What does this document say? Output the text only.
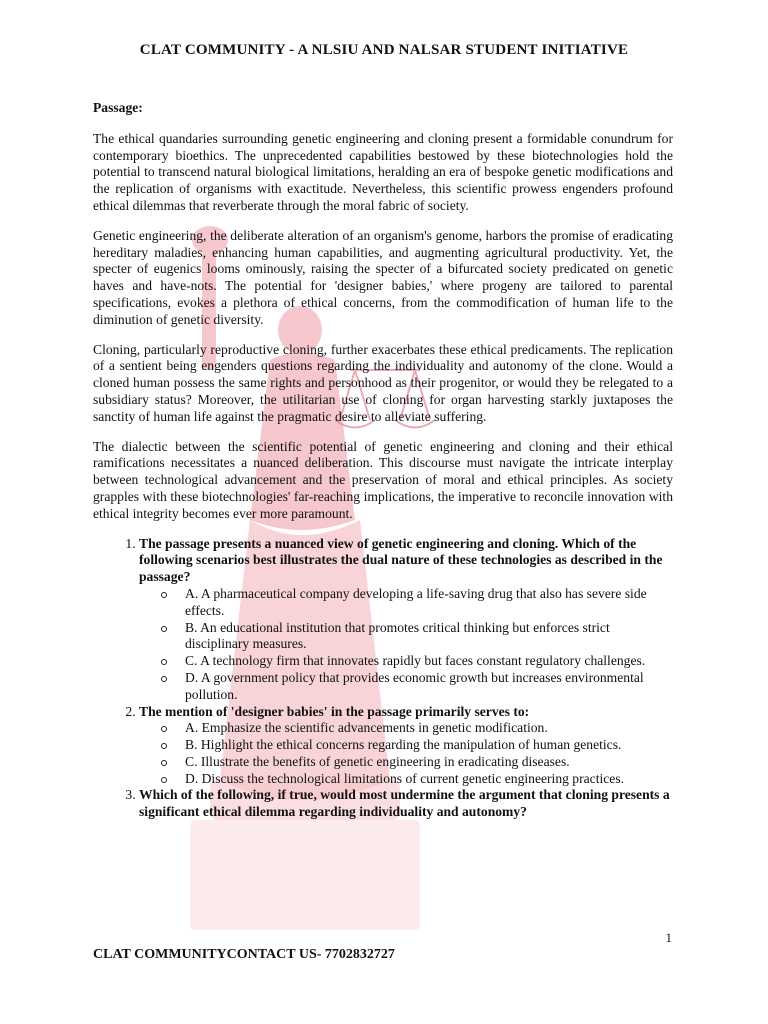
CLAT COMMUNITY - A NLSIU AND NALSAR STUDENT INITIATIVE
Passage:

The ethical quandaries surrounding genetic engineering and cloning present a formidable conundrum for contemporary bioethics. The unprecedented capabilities bestowed by these biotechnologies hold the potential to transcend natural biological limitations, heralding an era of bespoke genetic modifications and the replication of organisms with exactitude. Nevertheless, this scientific prowess engenders profound ethical dilemmas that reverberate through the moral fabric of society.

Genetic engineering, the deliberate alteration of an organism's genome, harbors the promise of eradicating hereditary maladies, enhancing human capabilities, and augmenting agricultural productivity. Yet, the specter of eugenics looms ominously, raising the specter of a bifurcated society predicated on genetic haves and have-nots. The potential for 'designer babies,' where progeny are tailored to parental specifications, evokes a plethora of ethical concerns, from the commodification of human life to the diminution of genetic diversity.

Cloning, particularly reproductive cloning, further exacerbates these ethical predicaments. The replication of a sentient being engenders questions regarding the individuality and autonomy of the clone. Would a cloned human possess the same rights and personhood as their progenitor, or would they be relegated to a subsidiary status? Moreover, the utilitarian use of cloning for organ harvesting starkly juxtaposes the sanctity of human life against the pragmatic desire to alleviate suffering.

The dialectic between the scientific potential of genetic engineering and cloning and their ethical ramifications necessitates a nuanced deliberation. This discourse must navigate the intricate interplay between technological advancement and the preservation of moral and ethical principles. As society grapples with these biotechnologies' far-reaching implications, the imperative to reconcile innovation with ethical integrity becomes ever more paramount.

1. The passage presents a nuanced view of genetic engineering and cloning. Which of the following scenarios best illustrates the dual nature of these technologies as described in the passage?
A. A pharmaceutical company developing a life-saving drug that also has severe side effects.
B. An educational institution that promotes critical thinking but enforces strict disciplinary measures.
C. A technology firm that innovates rapidly but faces constant regulatory challenges.
D. A government policy that provides economic growth but increases environmental pollution.
2. The mention of 'designer babies' in the passage primarily serves to:
A. Emphasize the scientific advancements in genetic modification.
B. Highlight the ethical concerns regarding the manipulation of human genetics.
C. Illustrate the benefits of genetic engineering in eradicating diseases.
D. Discuss the technological limitations of current genetic engineering practices.
3. Which of the following, if true, would most undermine the argument that cloning presents a significant ethical dilemma regarding individuality and autonomy?
1
CLAT COMMUNITYCONTACT US- 7702832727
